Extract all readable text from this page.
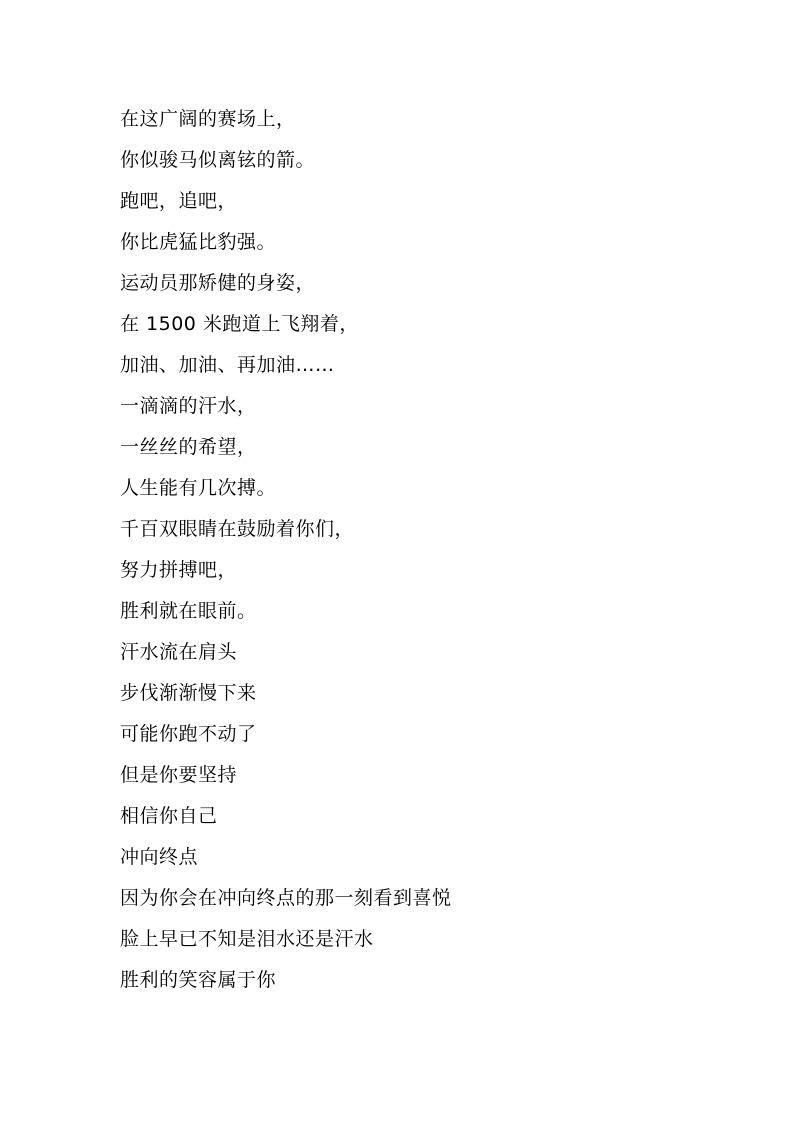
在这广阔的赛场上，
你似骏马似离铉的箭。
跑吧，追吧，
你比虎猛比豹强。
运动员那矫健的身姿，
在 1500 米跑道上飞翔着，
加油、加油、再加油……
一滴滴的汗水，
一丝丝的希望，
人生能有几次搏。
千百双眼睛在鼓励着你们，
努力拼搏吧，
胜利就在眼前。
汗水流在肩头
步伐渐渐慢下来
可能你跑不动了
但是你要坚持
相信你自己
冲向终点
因为你会在冲向终点的那一刻看到喜悦
脸上早已不知是泪水还是汗水
胜利的笑容属于你
